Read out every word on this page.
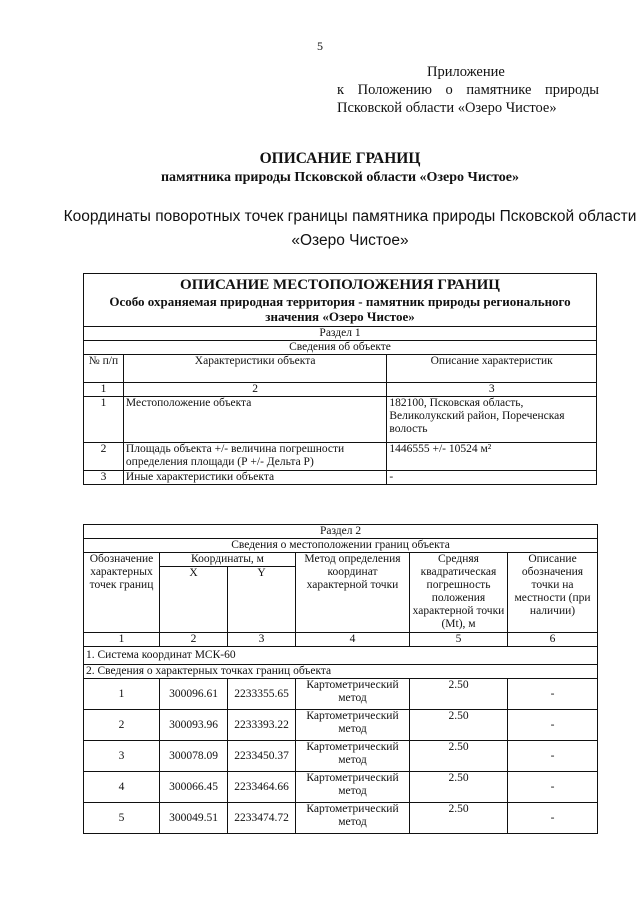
5
Приложение
к Положению о памятнике природы
Псковской области «Озеро Чистое»
ОПИСАНИЕ ГРАНИЦ
памятника природы Псковской области «Озеро Чистое»
Координаты поворотных точек границы памятника природы Псковской области «Озеро Чистое»
ОПИСАНИЕ МЕСТОПОЛОЖЕНИЯ ГРАНИЦ		
Особо охраняемая природная территория - памятник природы регионального значения «Озеро Чистое»		
Раздел 1		
Сведения об объекте		
№ п/п	Характеристики объекта	Описание характеристик
1	2	3
1	Местоположение объекта	182100, Псковская область, Великолукский район, Пореченская волость
2	Площадь объекта +/- величина погрешности определения площади (Р +/- Дельта Р)	1446555 +/- 10524 м²
3	Иные характеристики объекта	-
Раздел 2					
Сведения о местоположении границ объекта					
Обозначение характерных точек границ	Координаты, м		Метод определения координат характерной точки	Средняя квадратическая погрешность положения характерной точки (Mt), м	Описание обозначения точки на местности (при наличии)
	X	Y			
1	2	3	4	5	6
1. Система координат МСК-60					
2. Сведения о характерных точках границ объекта					
1	300096.61	2233355.65	Картометрический метод	2.50	-
2	300093.96	2233393.22	Картометрический метод	2.50	-
3	300078.09	2233450.37	Картометрический метод	2.50	-
4	300066.45	2233464.66	Картометрический метод	2.50	-
5	300049.51	2233474.72	Картометрический метод	2.50	-
